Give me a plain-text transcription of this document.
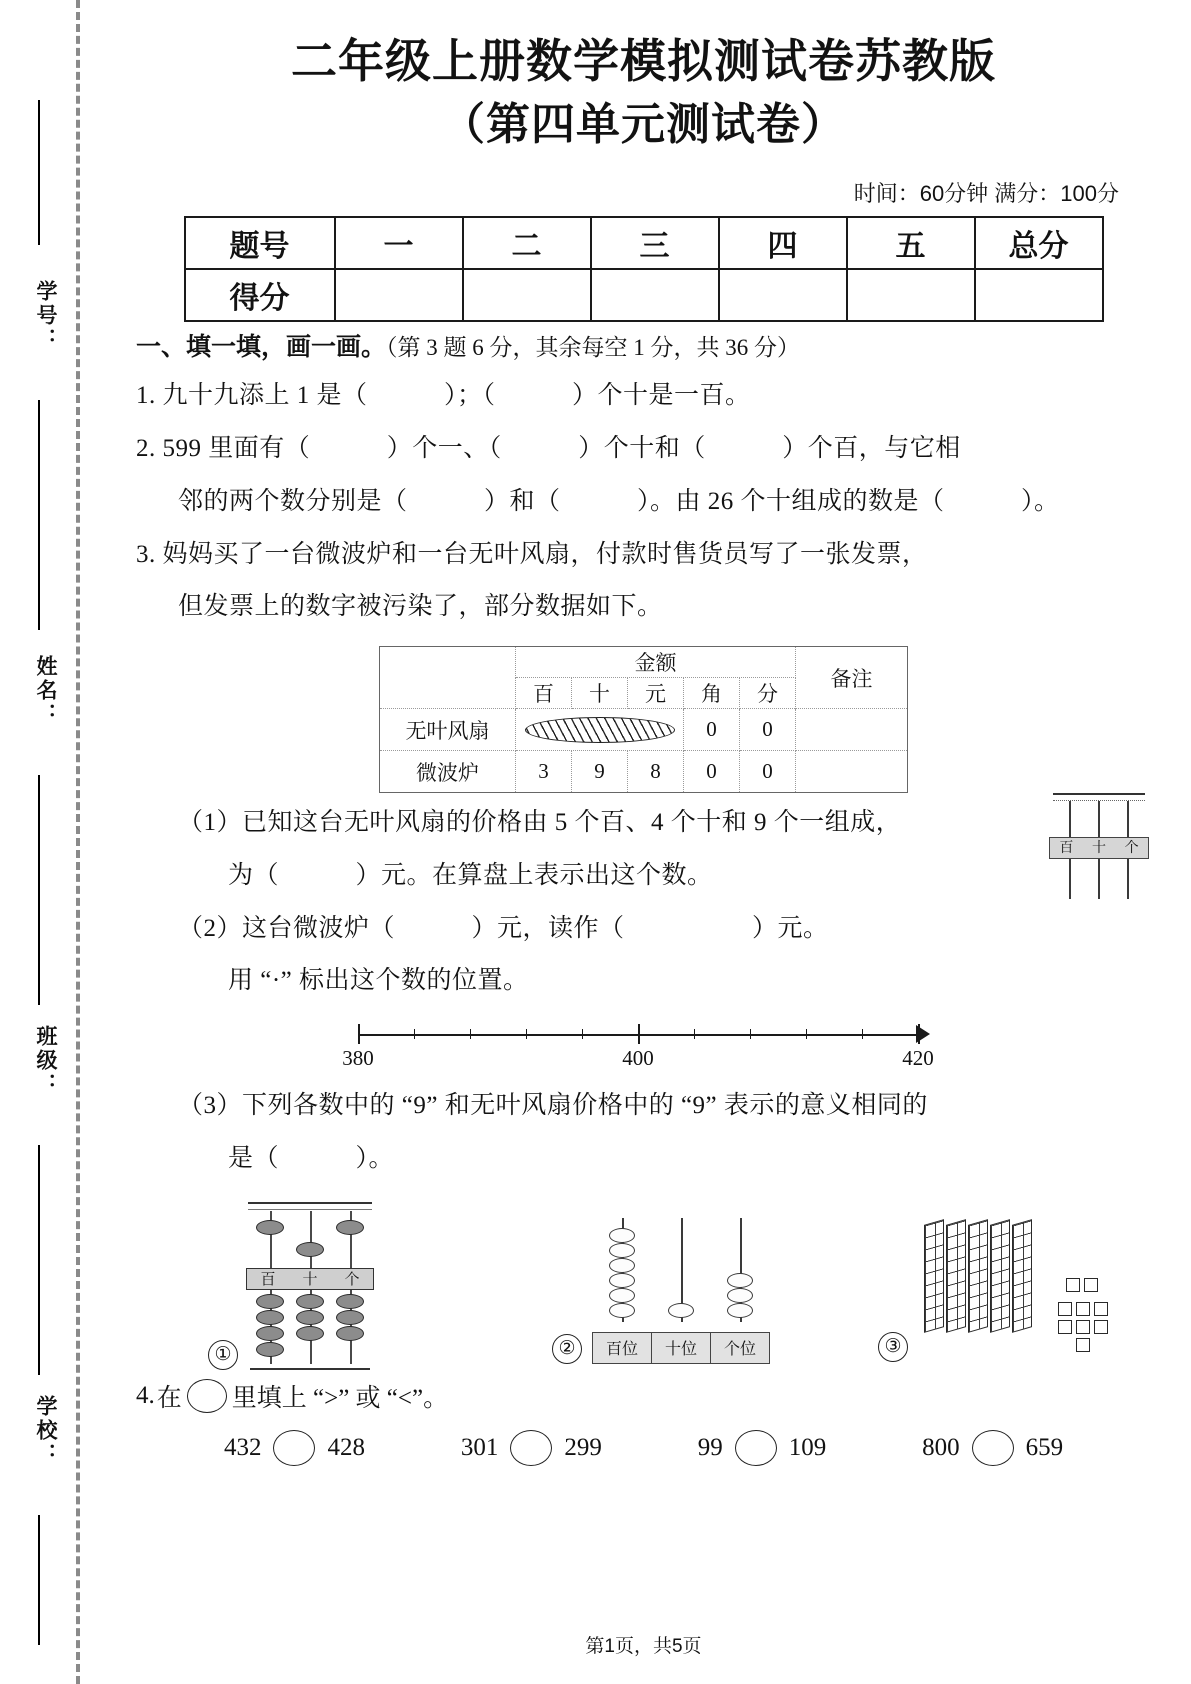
学号：
姓名：
班级：
学校：
二年级上册数学模拟测试卷苏教版
（第四单元测试卷）
时间：60分钟 满分：100分
题号	一	二	三	四	五	总分
得分						
一、填一填，画一画。（第 3 题 6 分，其余每空 1 分，共 36 分）
1. 九十九添上 1 是（　　　）；（　　　）个十是一百。
2. 599 里面有（　　　）个一、（　　　）个十和（　　　）个百，与它相
邻的两个数分别是（　　　）和（　　　）。由 26 个十组成的数是（　　　）。
3. 妈妈买了一台微波炉和一台无叶风扇，付款时售货员写了一张发票，
但发票上的数字被污染了，部分数据如下。
	金额					备注
	百	十	元	角	分	
无叶风扇				0	0	
微波炉	3	9	8	0	0	
（1）已知这台无叶风扇的价格由 5 个百、4 个十和 9 个一组成，
百 十 个
为（　　　）元。在算盘上表示出这个数。
（2）这台微波炉（　　　）元，读作（　　　　　）元。
用 “·” 标出这个数的位置。
380	400	420
（3）下列各数中的 “9” 和无叶风扇价格中的 “9” 表示的意义相同的
是（　　　）。
①
百 十 个
②	百位	十位	个位	③
4. 在 里填上 “>” 或 “<”。
432	428	301	299	99	109	800	659
第1页，共5页
